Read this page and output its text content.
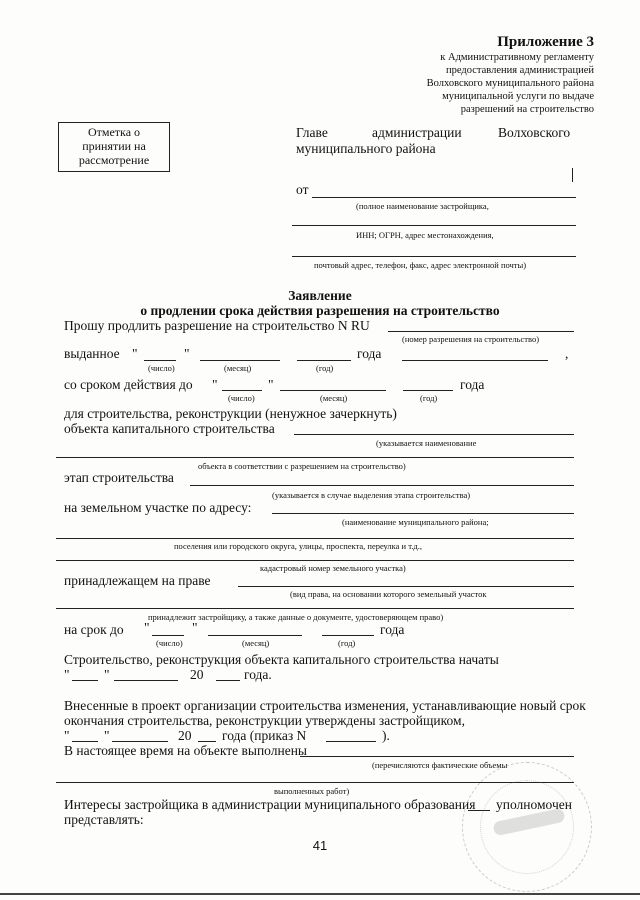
Приложение 3
к Административному регламенту
предоставления администрацией
Волховского муниципального района
муниципальной услуги по выдаче
разрешений на строительство
Отметка о
принятии на
рассмотрение
Главе	администрации	Волховского
муниципального района
от
(полное наименование застройщика,
ИНН; ОГРН, адрес местонахождения,
почтовый адрес, телефон, факс, адрес электронной почты)
Заявление
о продлении срока действия разрешения на строительство
Прошу продлить разрешение на строительство N RU
(номер разрешения на строительство)
выданное "	"	года	,
(число)	(месяц)	(год)
со сроком действия до "	"	года
(число)	(месяц)	(год)
для строительства, реконструкции (ненужное зачеркнуть)
объекта капитального строительства
(указывается наименование
объекта в соответствии с разрешением на строительство)
этап строительства
(указывается в случае выделения этапа строительства)
на земельном участке по адресу:
(наименование муниципального района;
поселения или городского округа, улицы, проспекта, переулка и т.д.,
кадастровый номер земельного участка)
принадлежащем на праве
(вид права, на основании которого земельный участок
принадлежит застройщику, а также данные о документе, удостоверяющем право)
на срок до "	"	года
(число)	(месяц)	(год)
Строительство, реконструкция объекта капитального строительства начаты
"	"	20	года.
Внесенные в проект организации строительства изменения, устанавливающие новый срок
окончания строительства, реконструкции утверждены застройщиком,
"	"	20 года (приказ N	).
В настоящее время на объекте выполнены
(перечисляются фактические объемы
выполненных работ)
Интересы застройщика в администрации муниципального образования уполномочен
представлять:
41
